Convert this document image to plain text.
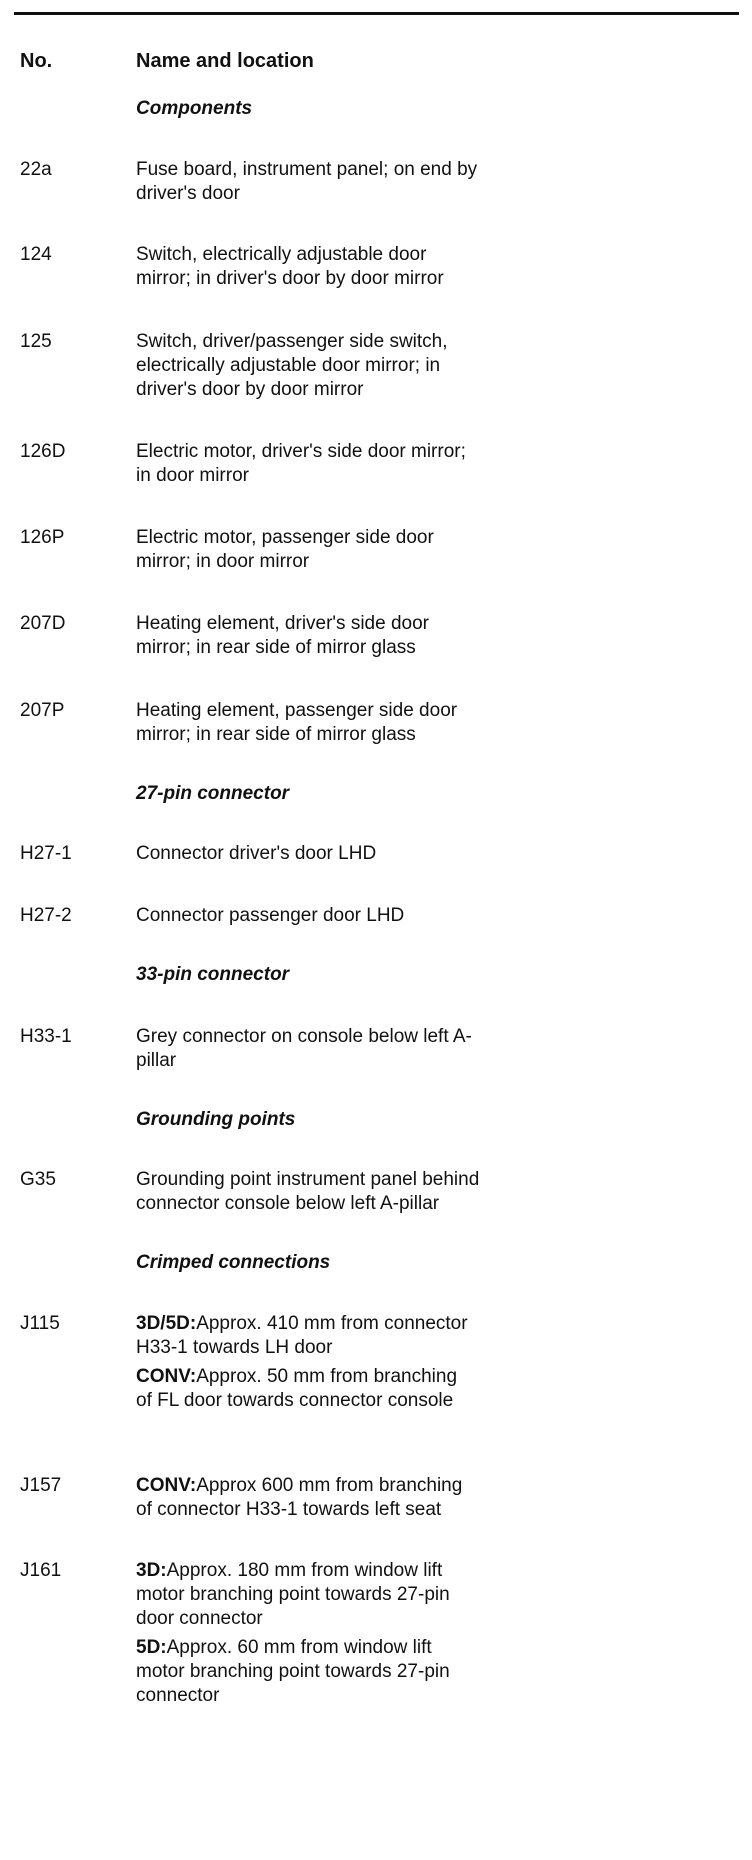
No.	Name and location
Components
22a	Fuse board, instrument panel; on end by
driver's door
124	Switch, electrically adjustable door
mirror; in driver's door by door mirror
125	Switch, driver/passenger side switch,
electrically adjustable door mirror; in
driver's door by door mirror
126D	Electric motor, driver's side door mirror;
in door mirror
126P	Electric motor, passenger side door
mirror; in door mirror
207D	Heating element, driver's side door
mirror; in rear side of mirror glass
207P	Heating element, passenger side door
mirror; in rear side of mirror glass
27-pin connector
H27-1	Connector driver's door LHD
H27-2	Connector passenger door LHD
33-pin connector
H33-1	Grey connector on console below left A-
pillar
Grounding points
G35	Grounding point instrument panel behind
connector console below left A-pillar
Crimped connections
J115	3D/5D:Approx. 410 mm from connector
H33-1 towards LH door
CONV:Approx. 50 mm from branching
of FL door towards connector console
J157	CONV:Approx 600 mm from branching
of connector H33-1 towards left seat
J161	3D:Approx. 180 mm from window lift
motor branching point towards 27-pin
door connector
5D:Approx. 60 mm from window lift
motor branching point towards 27-pin
connector
